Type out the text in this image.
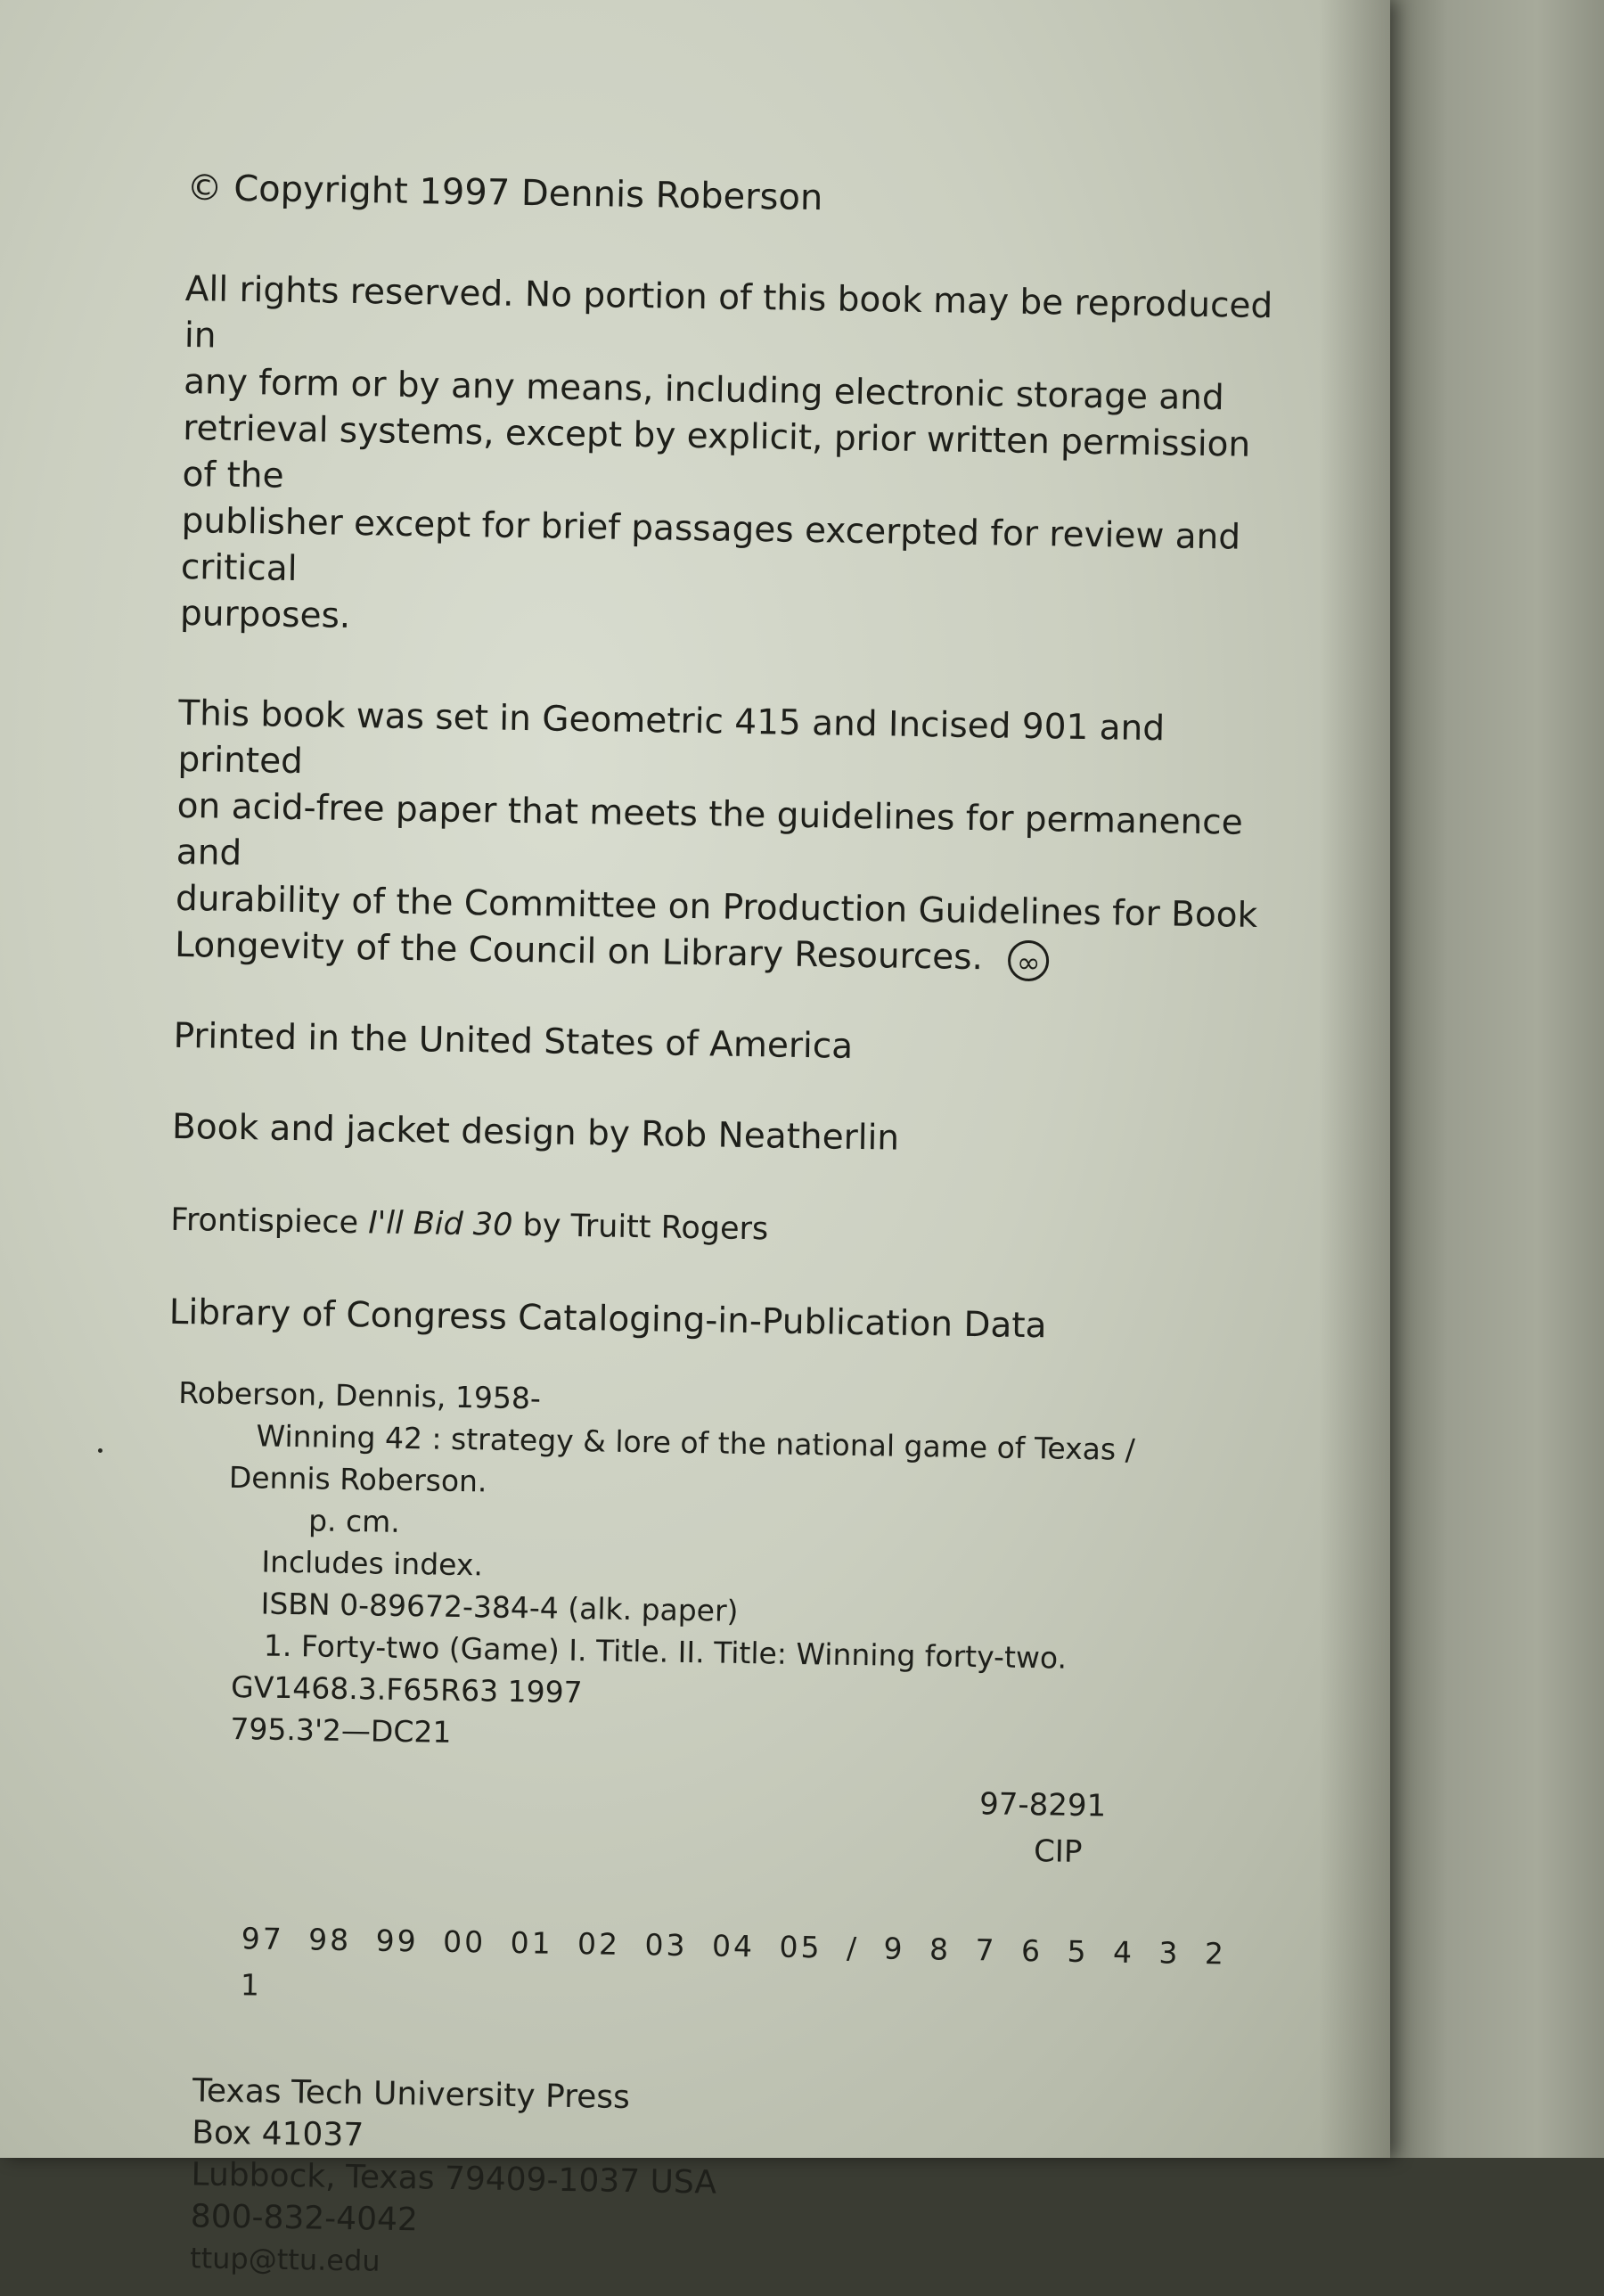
© Copyright 1997 Dennis Roberson

All rights reserved. No portion of this book may be reproduced in
any form or by any means, including electronic storage and
retrieval systems, except by explicit, prior written permission of the
publisher except for brief passages excerpted for review and critical
purposes.
This book was set in Geometric 415 and Incised 901 and printed
on acid-free paper that meets the guidelines for permanence and
durability of the Committee on Production Guidelines for Book
Longevity of the Council on Library Resources. ∞

Printed in the United States of America

Book and jacket design by Rob Neatherlin

Frontispiece I'll Bid 30 by Truitt Rogers

Library of Congress Cataloging-in-Publication Data

Roberson, Dennis, 1958-
Winning 42 : strategy & lore of the national game of Texas /
Dennis Roberson.
p. cm.
Includes index.
ISBN 0-89672-384-4 (alk. paper)
1. Forty-two (Game) I. Title. II. Title: Winning forty-two.
GV1468.3.F65R63 1997
795.3'2—DC21
97-8291
CIP
97 98 99 00 01 02 03 04 05 / 9 8 7 6 5 4 3 2 1
Texas Tech University Press
Box 41037
Lubbock, Texas 79409-1037 USA
800-832-4042
ttup@ttu.edu
